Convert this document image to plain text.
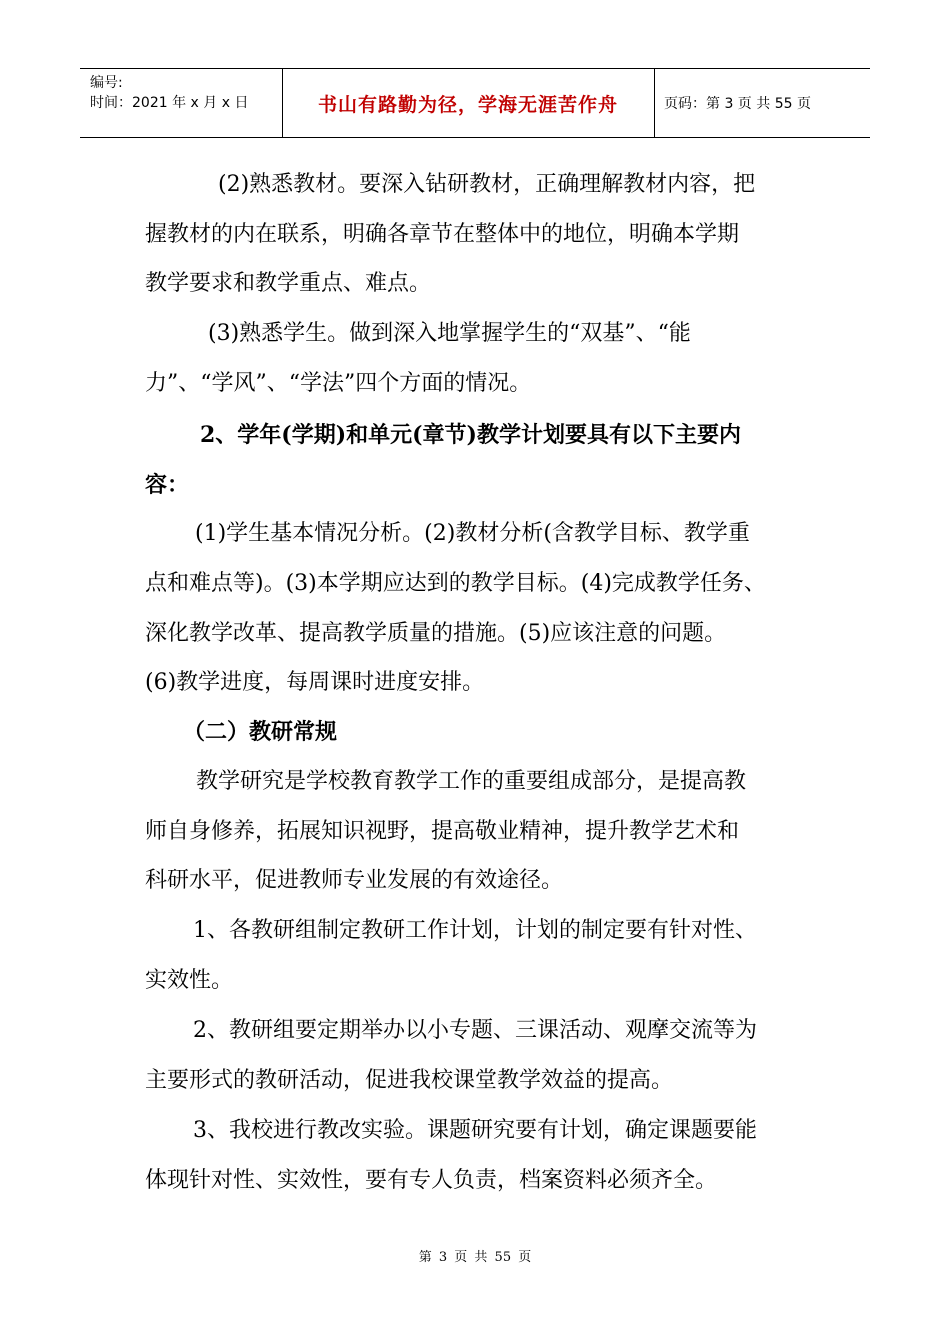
编号:
时间：2021 年 x 月 x 日	书山有路勤为径，学海无涯苦作舟	页码：第 3 页 共 55 页
(2)熟悉教材。要深入钻研教材，正确理解教材内容，把
握教材的内在联系，明确各章节在整体中的地位，明确本学期
教学要求和教学重点、难点。
(3)熟悉学生。做到深入地掌握学生的“双基”、“能
力”、“学风”、“学法”四个方面的情况。
2、学年(学期)和单元(章节)教学计划要具有以下主要内
容：
(1)学生基本情况分析。(2)教材分析(含教学目标、教学重
点和难点等)。(3)本学期应达到的教学目标。(4)完成教学任务、
深化教学改革、提高教学质量的措施。(5)应该注意的问题。
(6)教学进度，每周课时进度安排。
（二）教研常规
教学研究是学校教育教学工作的重要组成部分，是提高教
师自身修养，拓展知识视野，提高敬业精神，提升教学艺术和
科研水平，促进教师专业发展的有效途径。
1、各教研组制定教研工作计划，计划的制定要有针对性、
实效性。
2、教研组要定期举办以小专题、三课活动、观摩交流等为
主要形式的教研活动，促进我校课堂教学效益的提高。
3、我校进行教改实验。课题研究要有计划，确定课题要能
体现针对性、实效性，要有专人负责，档案资料必须齐全。
第 3 页 共 55 页
